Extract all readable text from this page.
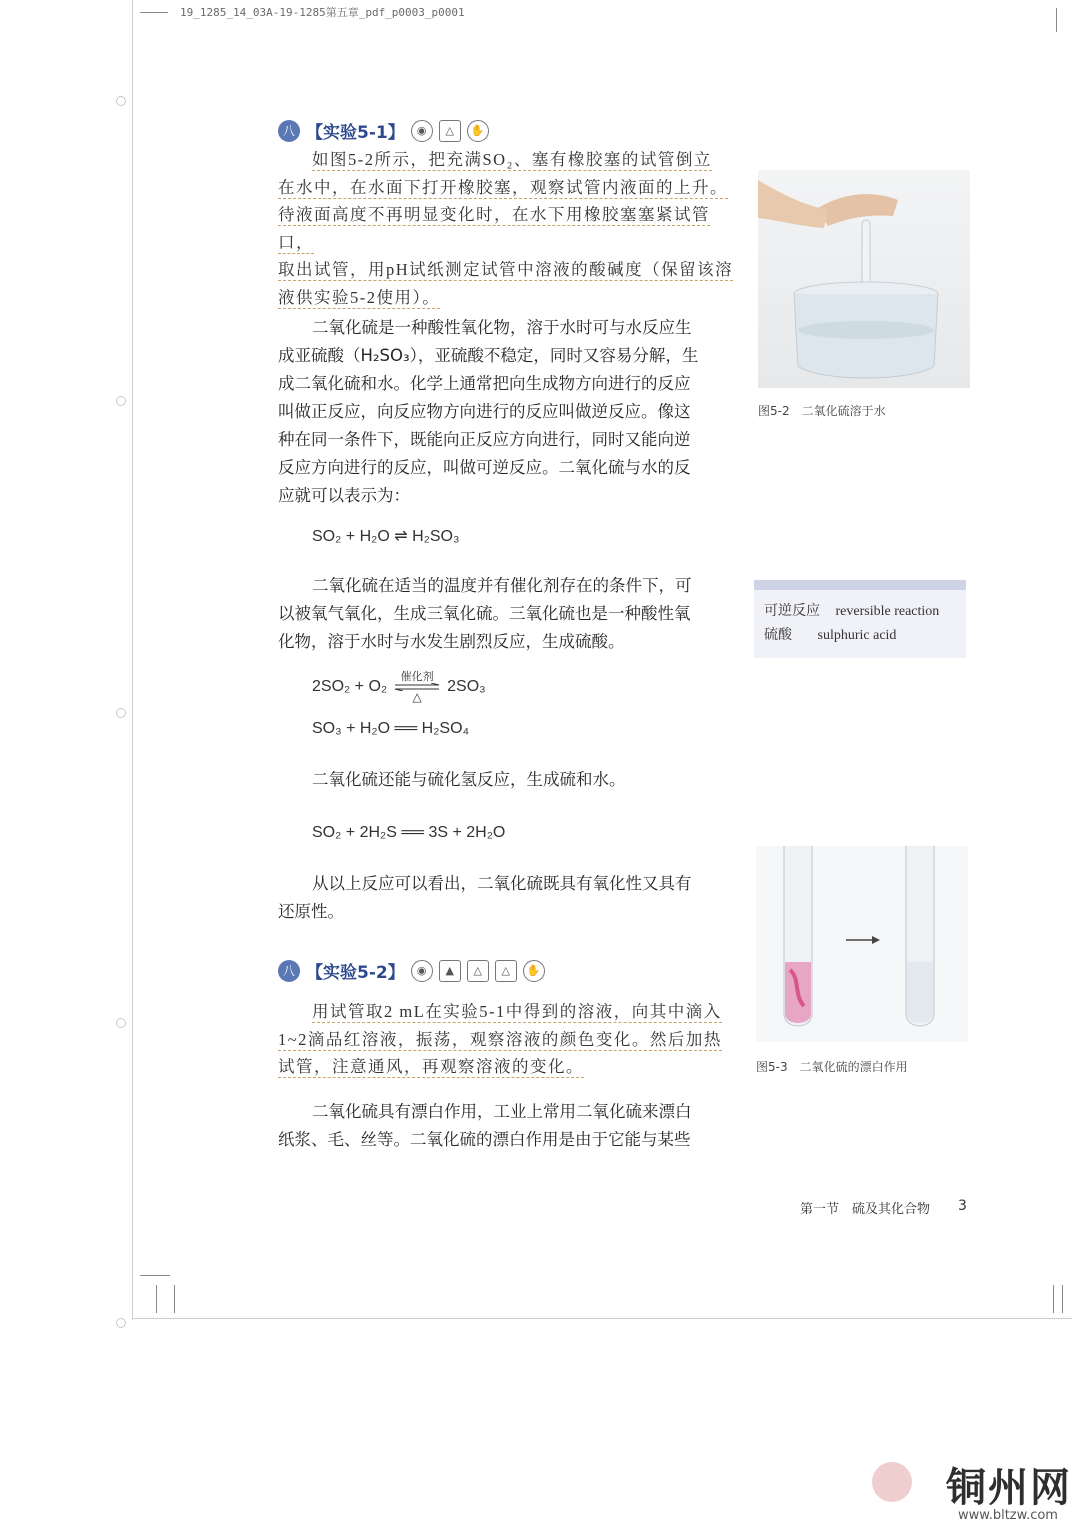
19_1285_14_03A-19-1285第五章_pdf_p0003_p0001
八 【实验5-1】	◉	△	✋
如图5-2所示，把充满SO₂、塞有橡胶塞的试管倒立
在水中，在水面下打开橡胶塞，观察试管内液面的上升。
待液面高度不再明显变化时，在水下用橡胶塞塞紧试管口，
取出试管，用pH试纸测定试管中溶液的酸碱度（保留该溶
液供实验5-2使用）。
二氧化硫是一种酸性氧化物，溶于水时可与水反应生
成亚硫酸（H₂SO₃），亚硫酸不稳定，同时又容易分解，生
成二氧化硫和水。化学上通常把向生成物方向进行的反应
叫做正反应，向反应物方向进行的反应叫做逆反应。像这
种在同一条件下，既能向正反应方向进行，同时又能向逆
反应方向进行的反应，叫做可逆反应。二氧化硫与水的反
应就可以表示为：
SO₂ + H₂O ⇌ H₂SO₃
二氧化硫在适当的温度并有催化剂存在的条件下，可
以被氧气氧化，生成三氧化硫。三氧化硫也是一种酸性氧
化物，溶于水时与水发生剧烈反应，生成硫酸。
2SO₂ + O₂
催化剂
△
2SO₃
SO₃ + H₂O ══ H₂SO₄
二氧化硫还能与硫化氢反应，生成硫和水。
SO₂ + 2H₂S ══ 3S + 2H₂O
从以上反应可以看出，二氧化硫既具有氧化性又具有
还原性。
八 【实验5-2】	◉	▲	△	△	✋
用试管取2 mL在实验5-1中得到的溶液，向其中滴入
1~2滴品红溶液，振荡，观察溶液的颜色变化。然后加热
试管，注意通风，再观察溶液的变化。
二氧化硫具有漂白作用，工业上常用二氧化硫来漂白
纸浆、毛、丝等。二氧化硫的漂白作用是由于它能与某些
图5-2　二氧化硫溶于水
可逆反应 reversible reaction
硫酸 sulphuric acid
图5-3　二氧化硫的漂白作用
第一节　硫及其化合物 3
铜州网
www.bltzw.com
